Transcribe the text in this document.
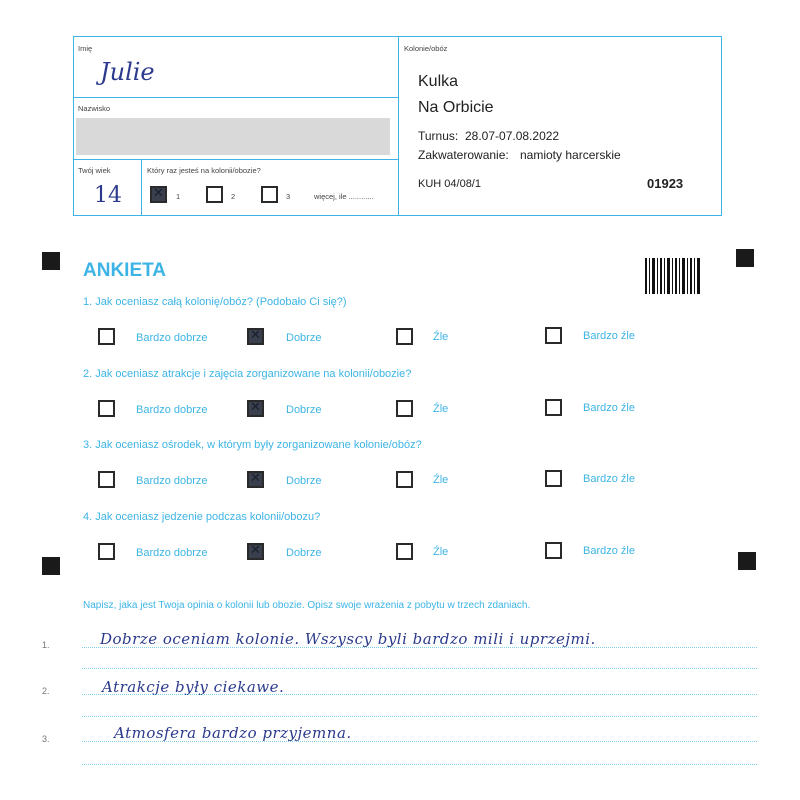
Imię
Julie
Nazwisko
Twój wiek
14
Który raz jesteś na kolonii/obozie?
✕
1	2	3	więcej, ile ............
Kolonie/obóz
Kulka
Na Orbicie
Turnus: 28.07-07.08.2022
Zakwaterowanie: namioty harcerskie
KUH 04/08/1	01923
ANKIETA
1. Jak oceniasz całą kolonię/obóz? (Podobało Ci się?)
Bardzo dobrze ✕	Dobrze	Źle	Bardzo źle
2. Jak oceniasz atrakcje i zajęcia zorganizowane na kolonii/obozie?
Bardzo dobrze ✕	Dobrze	Źle	Bardzo źle
3. Jak oceniasz ośrodek, w którym były zorganizowane kolonie/obóz?
Bardzo dobrze ✕	Dobrze	Źle	Bardzo źle
4. Jak oceniasz jedzenie podczas kolonii/obozu?
Bardzo dobrze ✕	Dobrze	Źle	Bardzo źle
Napisz, jaka jest Twoja opinia o kolonii lub obozie. Opisz swoje wrażenia z pobytu w trzech zdaniach.
1.	Dobrze oceniam kolonie. Wszyscy byli bardzo mili i uprzejmi.
2.	Atrakcje były ciekawe.
3.	Atmosfera bardzo przyjemna.
